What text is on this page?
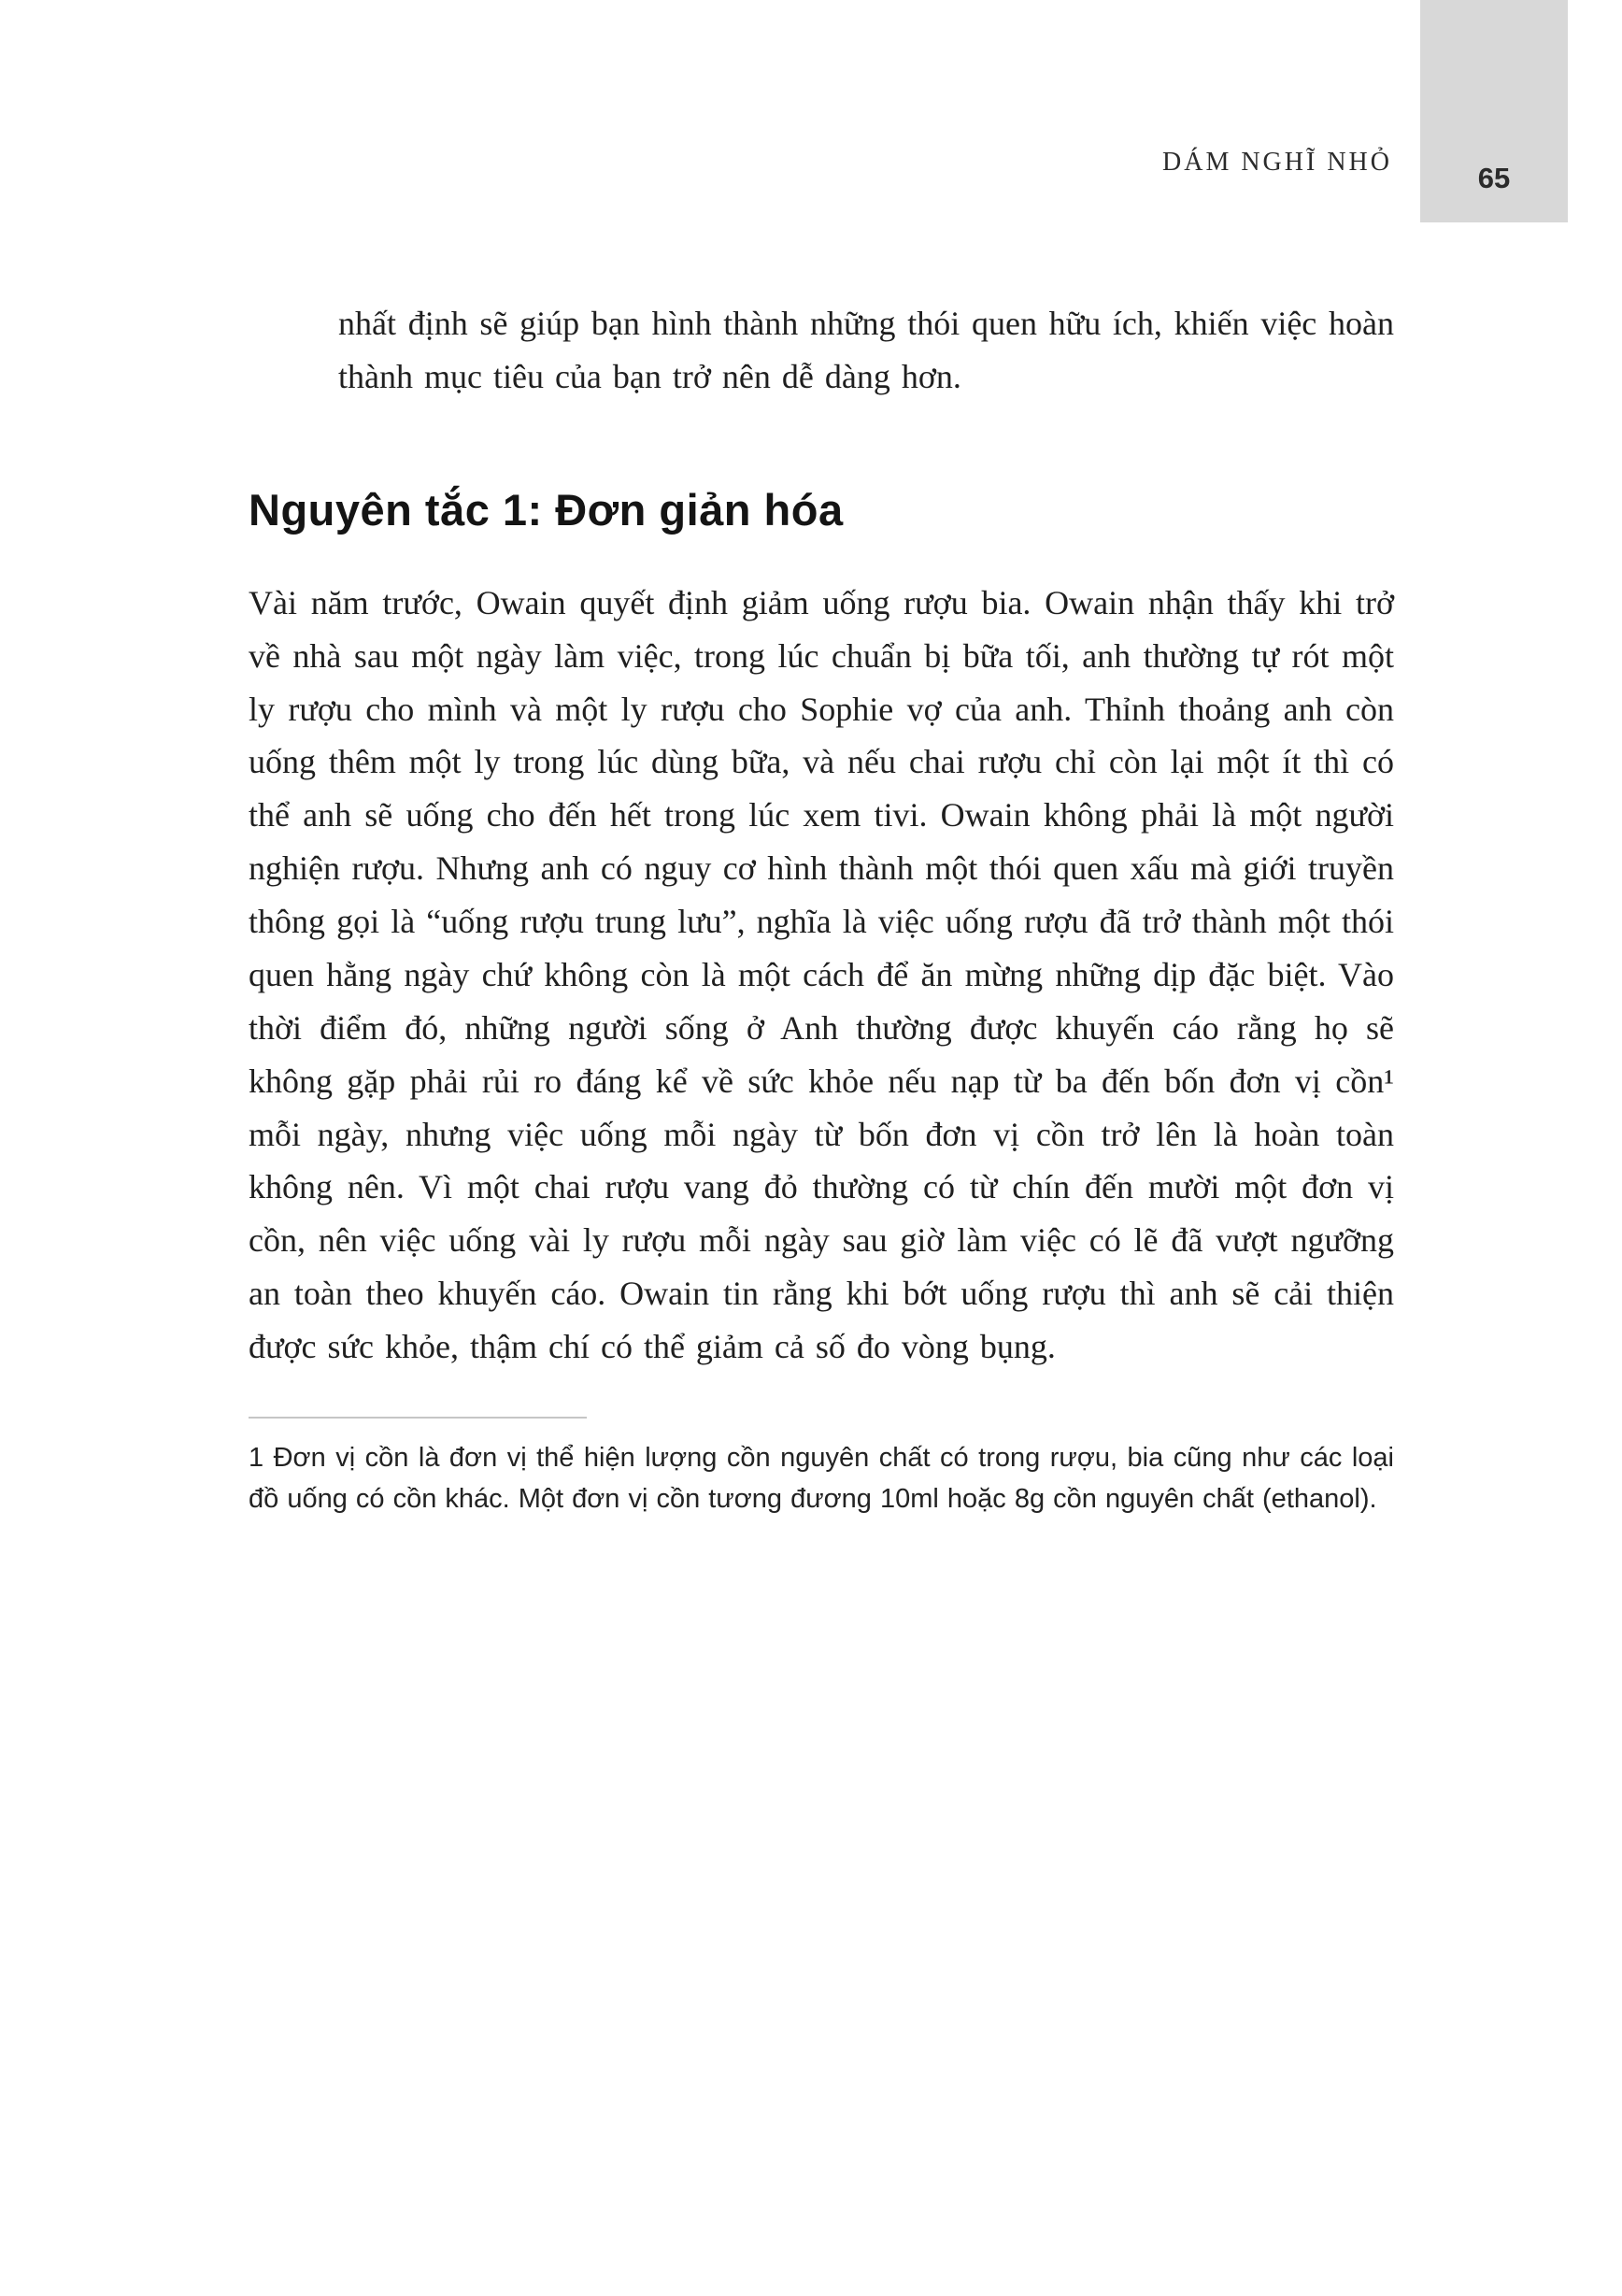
DÁM NGHĨ NHỎ	65

nhất định sẽ giúp bạn hình thành những thói quen hữu ích, khiến việc hoàn thành mục tiêu của bạn trở nên dễ dàng hơn.

Nguyên tắc 1: Đơn giản hóa

Vài năm trước, Owain quyết định giảm uống rượu bia. Owain nhận thấy khi trở về nhà sau một ngày làm việc, trong lúc chuẩn bị bữa tối, anh thường tự rót một ly rượu cho mình và một ly rượu cho Sophie vợ của anh. Thỉnh thoảng anh còn uống thêm một ly trong lúc dùng bữa, và nếu chai rượu chỉ còn lại một ít thì có thể anh sẽ uống cho đến hết trong lúc xem tivi. Owain không phải là một người nghiện rượu. Nhưng anh có nguy cơ hình thành một thói quen xấu mà giới truyền thông gọi là “uống rượu trung lưu”, nghĩa là việc uống rượu đã trở thành một thói quen hằng ngày chứ không còn là một cách để ăn mừng những dịp đặc biệt. Vào thời điểm đó, những người sống ở Anh thường được khuyến cáo rằng họ sẽ không gặp phải rủi ro đáng kể về sức khỏe nếu nạp từ ba đến bốn đơn vị cồn¹ mỗi ngày, nhưng việc uống mỗi ngày từ bốn đơn vị cồn trở lên là hoàn toàn không nên. Vì một chai rượu vang đỏ thường có từ chín đến mười một đơn vị cồn, nên việc uống vài ly rượu mỗi ngày sau giờ làm việc có lẽ đã vượt ngưỡng an toàn theo khuyến cáo. Owain tin rằng khi bớt uống rượu thì anh sẽ cải thiện được sức khỏe, thậm chí có thể giảm cả số đo vòng bụng.

1 Đơn vị cồn là đơn vị thể hiện lượng cồn nguyên chất có trong rượu, bia cũng như các loại đồ uống có cồn khác. Một đơn vị cồn tương đương 10ml hoặc 8g cồn nguyên chất (ethanol).
